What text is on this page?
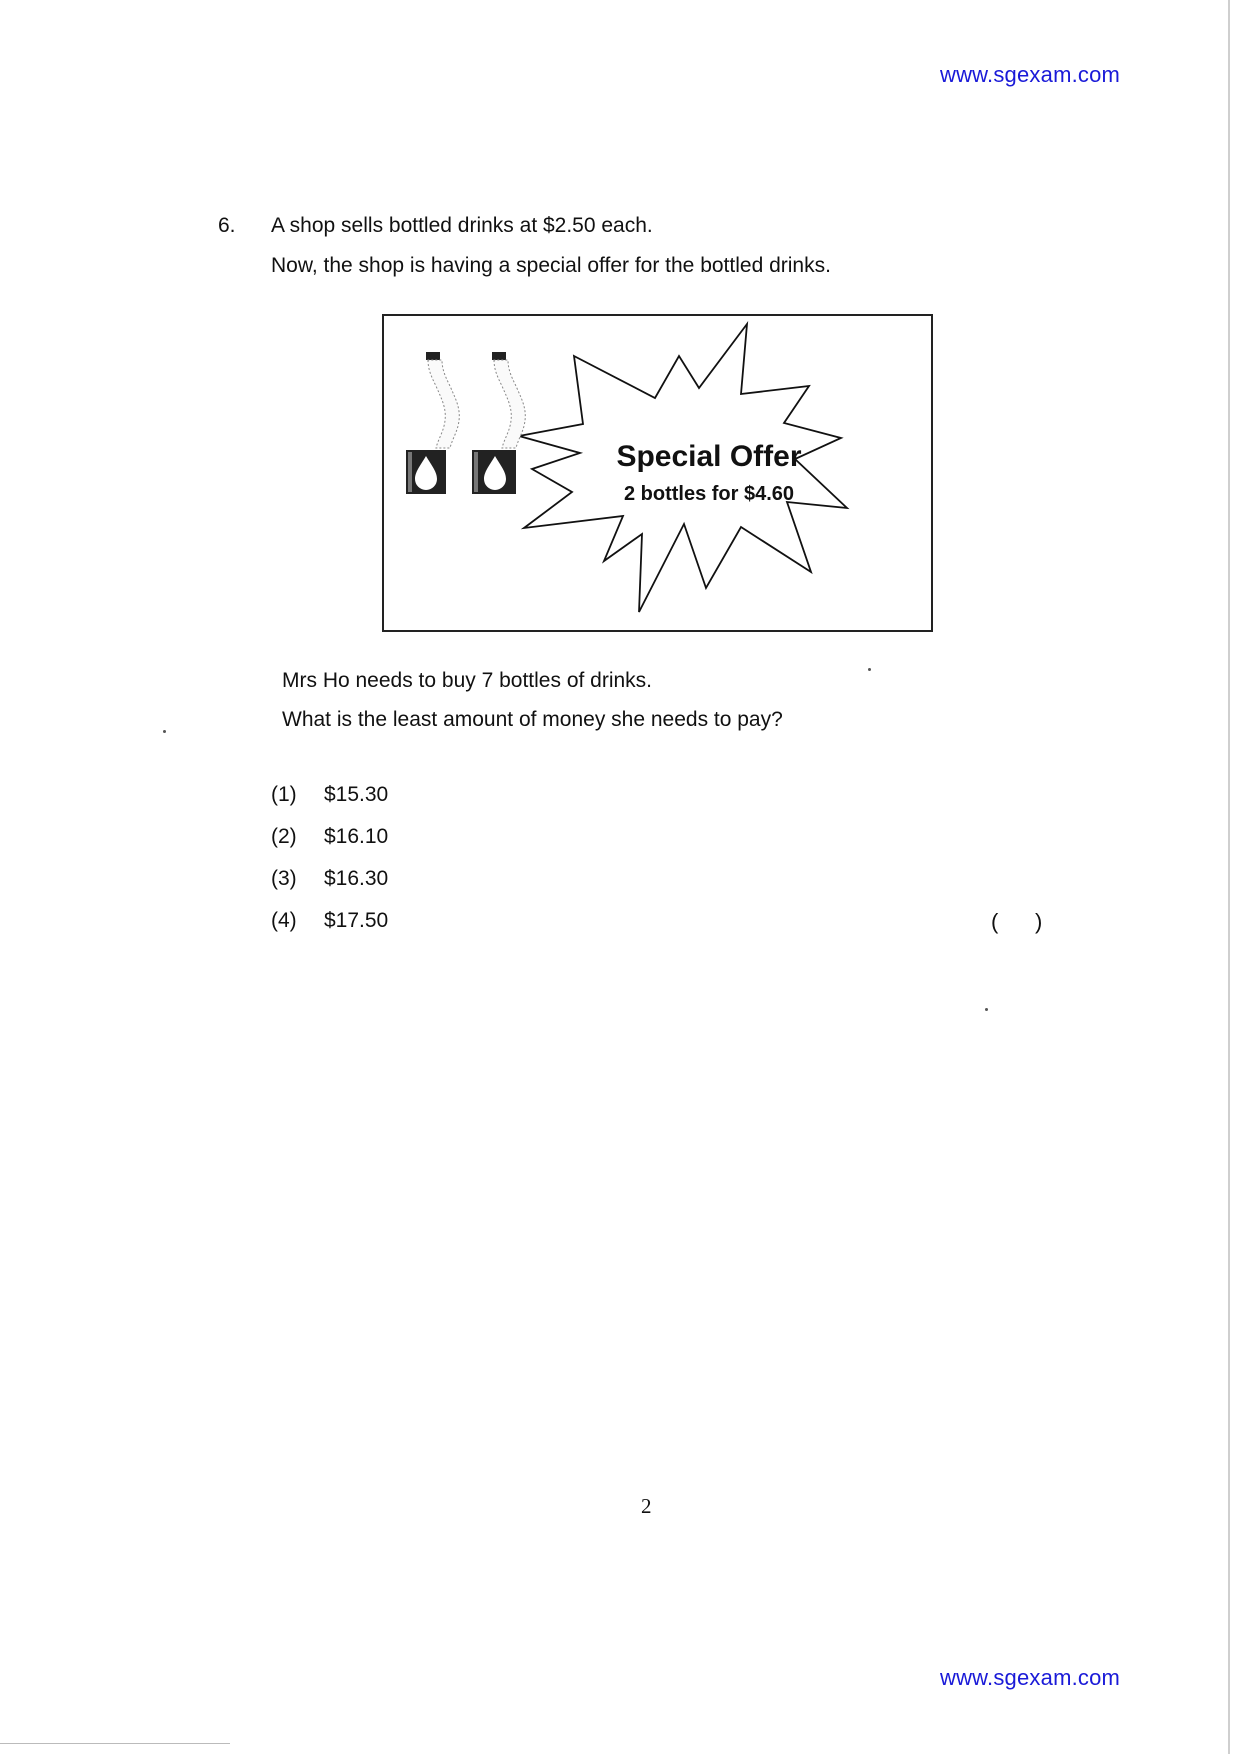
www.sgexam.com
6. A shop sells bottled drinks at $2.50 each.
Now, the shop is having a special offer for the bottled drinks.
Special Offer
2 bottles for $4.60
Mrs Ho needs to buy 7 bottles of drinks.
What is the least amount of money she needs to pay?
(1) $15.30
(2) $16.10
(3) $16.30
(4) $17.50	(      )
2
www.sgexam.com
